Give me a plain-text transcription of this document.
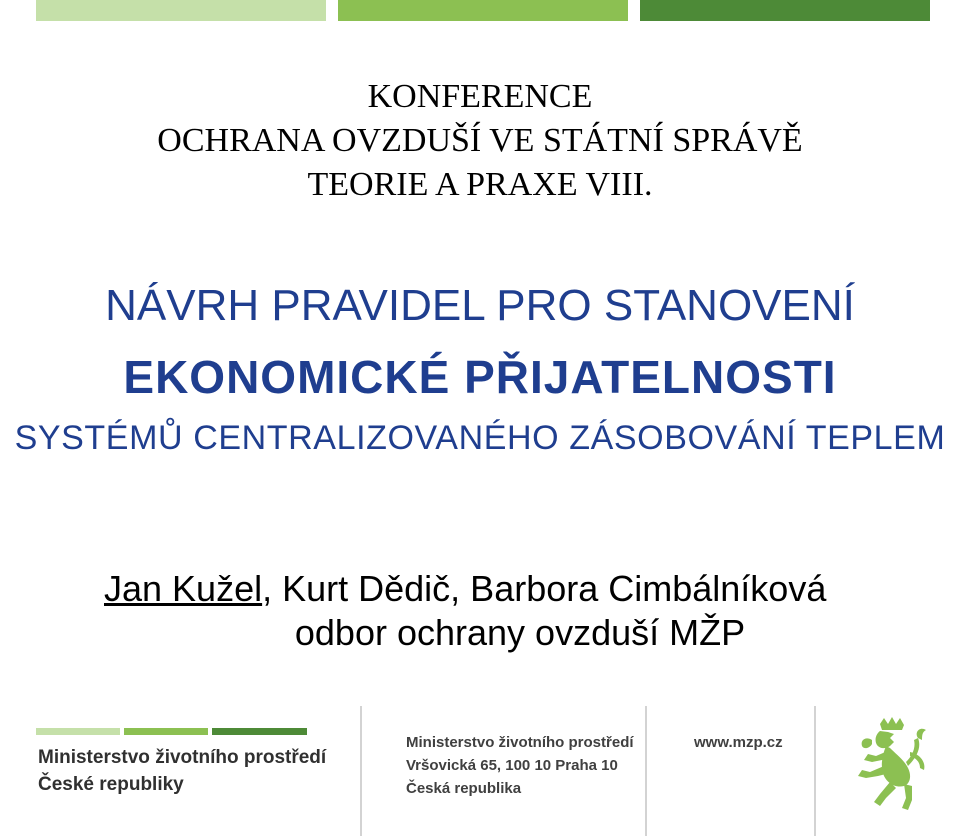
KONFERENCE
OCHRANA OVZDUŠÍ VE STÁTNÍ SPRÁVĚ
TEORIE A PRAXE VIII.
NÁVRH PRAVIDEL PRO STANOVENÍ
EKONOMICKÉ PŘIJATELNOSTI
SYSTÉMŮ CENTRALIZOVANÉHO ZÁSOBOVÁNÍ TEPLEM
Jan Kužel, Kurt Dědič, Barbora Cimbálníková
odbor ochrany ovzduší MŽP
Ministerstvo životního prostředí
České republiky
Ministerstvo životního prostředí
Vršovická 65, 100 10 Praha 10
Česká republika
www.mzp.cz
